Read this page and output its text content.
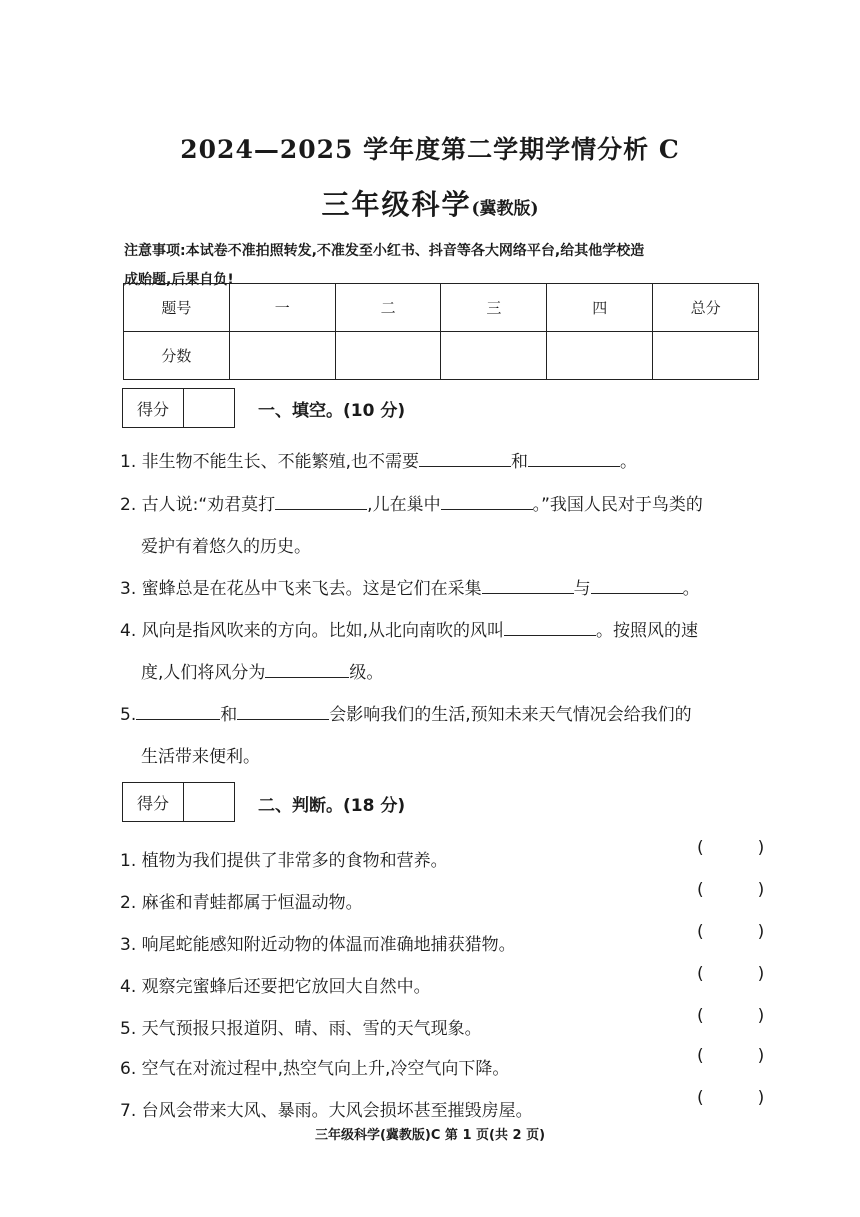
2024—2025 学年度第二学期学情分析 C
三年级科学(冀教版)
注意事项:本试卷不准拍照转发,不准发至小红书、抖音等各大网络平台,给其他学校造
成贻题,后果自负!
题号	一	二	三	四	总分
分数					
得分	一、填空。(10 分)
1. 非生物不能生长、不能繁殖,也不需要	和	。
2. 古人说:“劝君莫打	,儿在巢中	。”我国人民对于鸟类的
爱护有着悠久的历史。
3. 蜜蜂总是在花丛中飞来飞去。这是它们在采集	与	。
4. 风向是指风吹来的方向。比如,从北向南吹的风叫	。按照风的速
度,人们将风分为	级。
5.	和	会影响我们的生活,预知未来天气情况会给我们的
生活带来便利。
得分	二、判断。(18 分)
1. 植物为我们提供了非常多的食物和营养。
(          )
2. 麻雀和青蛙都属于恒温动物。
(          )
3. 响尾蛇能感知附近动物的体温而准确地捕获猎物。
(          )
4. 观察完蜜蜂后还要把它放回大自然中。
(          )
5. 天气预报只报道阴、晴、雨、雪的天气现象。
(          )
6. 空气在对流过程中,热空气向上升,冷空气向下降。
(          )
7. 台风会带来大风、暴雨。大风会损坏甚至摧毁房屋。
(          )
三年级科学(冀教版)C 第 1 页(共 2 页)
